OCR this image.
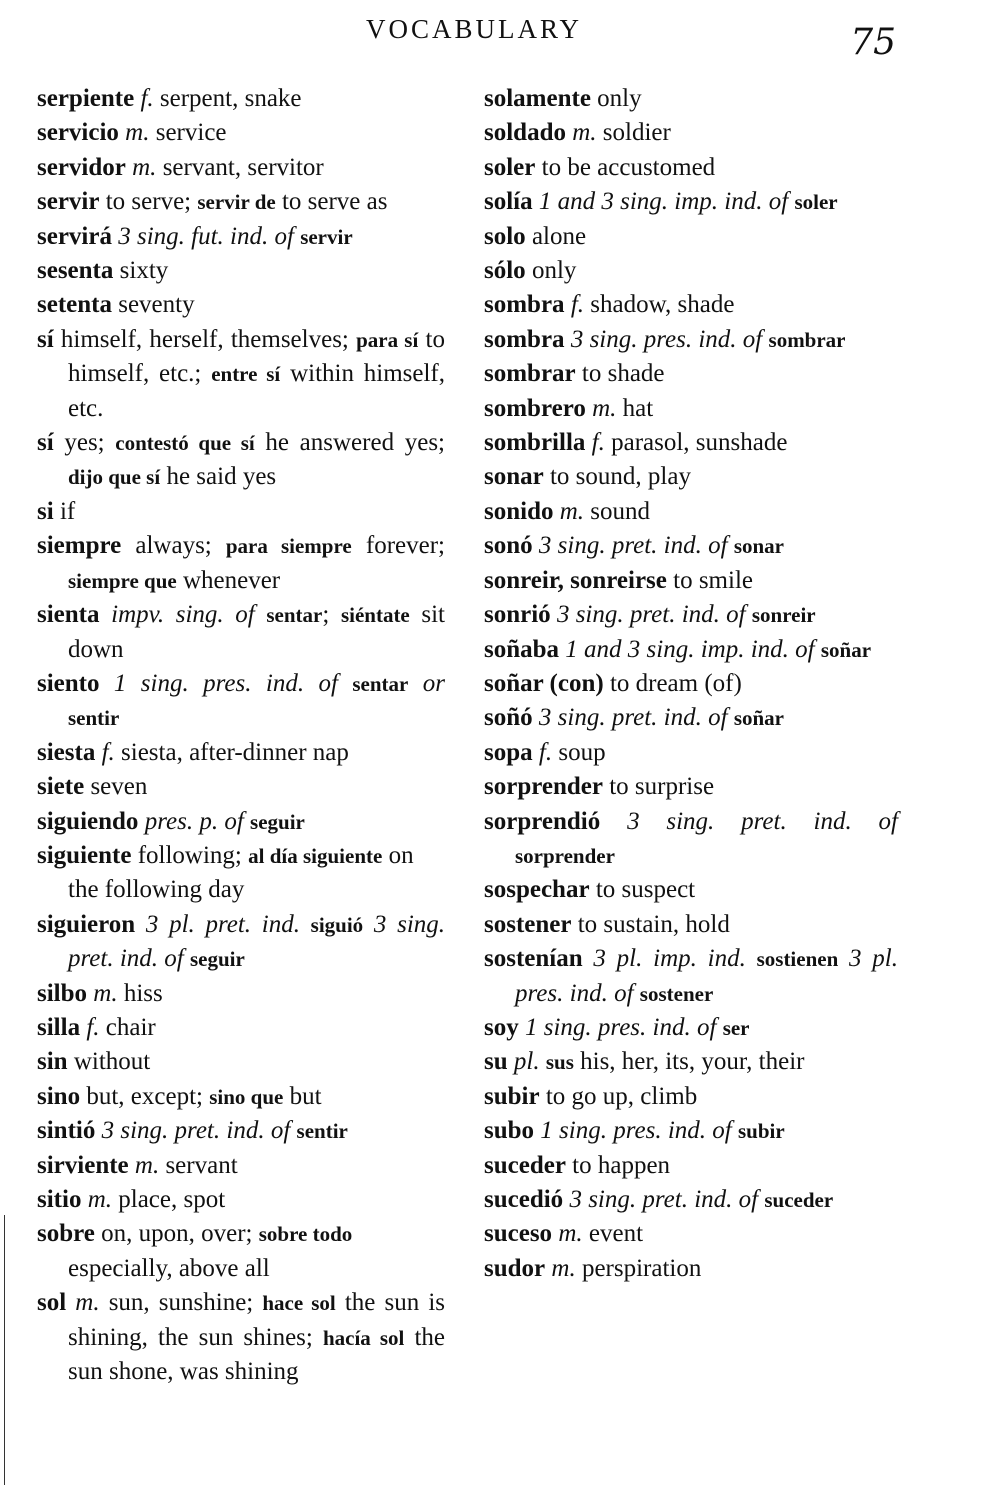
VOCABULARY	75

serpiente f. serpent, snake

servicio m. service

servidor m. servant, servitor

servir to serve; servir de to serve as

servirá 3 sing. fut. ind. of servir

sesenta sixty

setenta seventy

sí himself, herself, themselves; para sí to himself, etc.; entre sí within himself, etc.

sí yes; contestó que sí he answered yes; dijo que sí he said yes

si if

siempre always; para siempre forever; siempre que whenever

sienta impv. sing. of sentar; siéntate sit down

siento 1 sing. pres. ind. of sentar or sentir

siesta f. siesta, after-dinner nap

siete seven

siguiendo pres. p. of seguir

siguiente following; al día siguiente on the following day

siguieron 3 pl. pret. ind. siguió 3 sing. pret. ind. of seguir

silbo m. hiss

silla f. chair

sin without

sino but, except; sino que but

sintió 3 sing. pret. ind. of sentir

sirviente m. servant

sitio m. place, spot

sobre on, upon, over; sobre todo especially, above all

sol m. sun, sunshine; hace sol the sun is shining, the sun shines; hacía sol the sun shone, was shining

solamente only

soldado m. soldier

soler to be accustomed

solía 1 and 3 sing. imp. ind. of soler

solo alone

sólo only

sombra f. shadow, shade

sombra 3 sing. pres. ind. of sombrar

sombrar to shade

sombrero m. hat

sombrilla f. parasol, sunshade

sonar to sound, play

sonido m. sound

sonó 3 sing. pret. ind. of sonar

sonreir, sonreirse to smile

sonrió 3 sing. pret. ind. of sonreir

soñaba 1 and 3 sing. imp. ind. of soñar

soñar (con) to dream (of)

soñó 3 sing. pret. ind. of soñar

sopa f. soup

sorprender to surprise

sorprendió 3 sing. pret. ind. of sorprender

sospechar to suspect

sostener to sustain, hold

sostenían 3 pl. imp. ind. sostienen 3 pl. pres. ind. of sostener

soy 1 sing. pres. ind. of ser

su pl. sus his, her, its, your, their

subir to go up, climb

subo 1 sing. pres. ind. of subir

suceder to happen

sucedió 3 sing. pret. ind. of suceder

suceso m. event

sudor m. perspiration
